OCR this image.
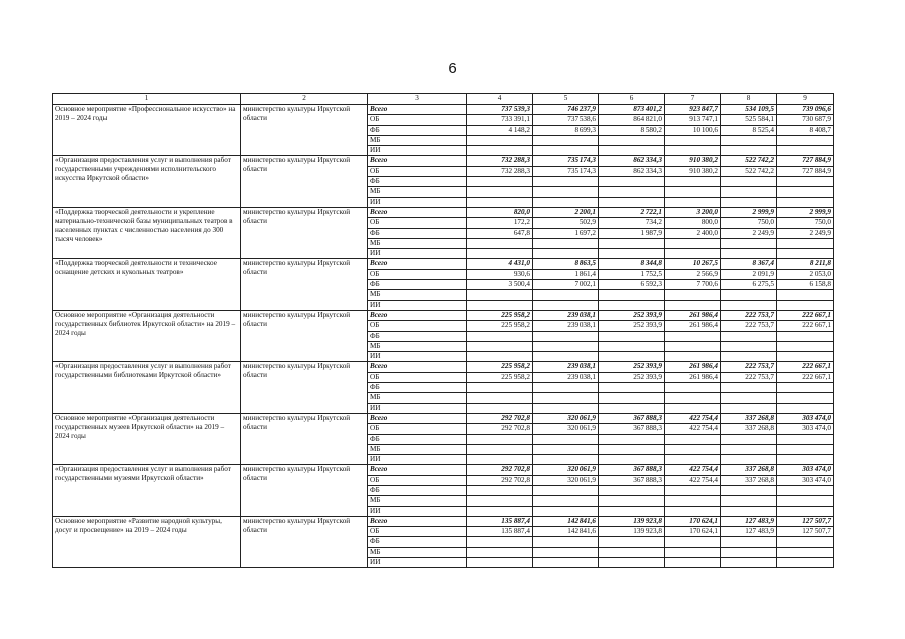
6
1	2	3	4	5	6	7	8	9
Основное мероприятие «Профессиональное искусство» на 2019 – 2024 годы	министерство культуры Иркутской области	Всего	737 539,3	746 237,9	873 401,2	923 847,7	534 109,5	739 096,6
		ОБ	733 391,1	737 538,6	864 821,0	913 747,1	525 584,1	730 687,9
		ФБ	4 148,2	8 699,3	8 580,2	10 100,6	8 525,4	8 408,7
		МБ						
		ИИ						
«Организация предоставления услуг и выполнения работ государственными учреждениями исполнительского искусства Иркутской области»	министерство культуры Иркутской области	Всего	732 288,3	735 174,3	862 334,3	910 380,2	522 742,2	727 884,9
		ОБ	732 288,3	735 174,3	862 334,3	910 380,2	522 742,2	727 884,9
		ФБ						
		МБ						
		ИИ						
«Поддержка творческой деятельности и укрепление материально-технической базы муниципальных театров в населенных пунктах с численностью населения до 300 тысяч человек»	министерство культуры Иркутской области	Всего	820,0	2 200,1	2 722,1	3 200,0	2 999,9	2 999,9
		ОБ	172,2	502,9	734,2	800,0	750,0	750,0
		ФБ	647,8	1 697,2	1 987,9	2 400,0	2 249,9	2 249,9
		МБ						
		ИИ						
«Поддержка творческой деятельности и техническое оснащение детских и кукольных театров»	министерство культуры Иркутской области	Всего	4 431,0	8 863,5	8 344,8	10 267,5	8 367,4	8 211,8
		ОБ	930,6	1 861,4	1 752,5	2 566,9	2 091,9	2 053,0
		ФБ	3 500,4	7 002,1	6 592,3	7 700,6	6 275,5	6 158,8
		МБ						
		ИИ						
Основное мероприятие «Организация деятельности государственных библиотек Иркутской области» на 2019 – 2024 годы	министерство культуры Иркутской области	Всего	225 958,2	239 038,1	252 393,9	261 986,4	222 753,7	222 667,1
		ОБ	225 958,2	239 038,1	252 393,9	261 986,4	222 753,7	222 667,1
		ФБ						
		МБ						
		ИИ						
«Организация предоставления услуг и выполнения работ государственными библиотеками Иркутской области»	министерство культуры Иркутской области	Всего	225 958,2	239 038,1	252 393,9	261 986,4	222 753,7	222 667,1
		ОБ	225 958,2	239 038,1	252 393,9	261 986,4	222 753,7	222 667,1
		ФБ						
		МБ						
		ИИ						
Основное мероприятие «Организация деятельности государственных музеев Иркутской области» на 2019 – 2024 годы	министерство культуры Иркутской области	Всего	292 702,8	320 061,9	367 888,3	422 754,4	337 268,8	303 474,0
		ОБ	292 702,8	320 061,9	367 888,3	422 754,4	337 268,8	303 474,0
		ФБ						
		МБ						
		ИИ						
«Организация предоставления услуг и выполнения работ государственными музеями Иркутской области»	министерство культуры Иркутской области	Всего	292 702,8	320 061,9	367 888,3	422 754,4	337 268,8	303 474,0
		ОБ	292 702,8	320 061,9	367 888,3	422 754,4	337 268,8	303 474,0
		ФБ						
		МБ						
		ИИ						
Основное мероприятие «Развитие народной культуры, досуг и просвещение» на 2019 – 2024 годы	министерство культуры Иркутской области	Всего	135 887,4	142 841,6	139 923,8	170 624,1	127 483,9	127 507,7
		ОБ	135 887,4	142 841,6	139 923,8	170 624,1	127 483,9	127 507,7
		ФБ						
		МБ						
		ИИ						
